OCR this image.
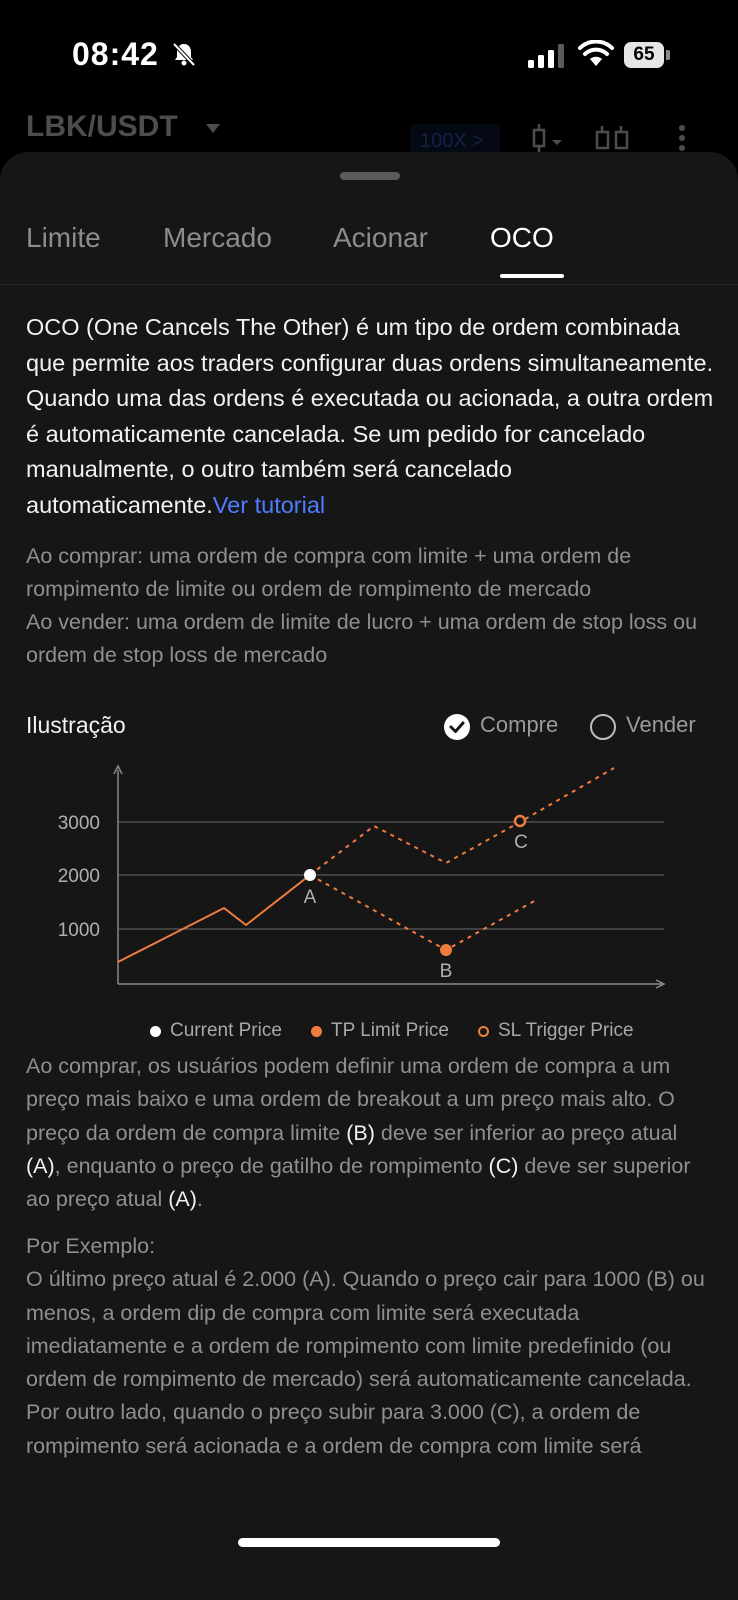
08:42	65
LBK/USDT	100X >
Limite Mercado Acionar OCO
OCO (One Cancels The Other) é um tipo de ordem combinada que permite aos traders configurar duas ordens simultaneamente. Quando uma das ordens é executada ou acionada, a outra ordem é automaticamente cancelada. Se um pedido for cancelado manualmente, o outro também será cancelado automaticamente.Ver tutorial
Ao comprar: uma ordem de compra com limite + uma ordem de rompimento de limite ou ordem de rompimento de mercado
Ao vender: uma ordem de limite de lucro + uma ordem de stop loss ou ordem de stop loss de mercado
Ilustração	Compre	Vender
3000
2000
1000
A
B
C
Current Price	TP Limit Price	SL Trigger Price
Ao comprar, os usuários podem definir uma ordem de compra a um preço mais baixo e uma ordem de breakout a um preço mais alto. O preço da ordem de compra limite (B) deve ser inferior ao preço atual (A), enquanto o preço de gatilho de rompimento (C) deve ser superior ao preço atual (A).
Por Exemplo:
O último preço atual é 2.000 (A). Quando o preço cair para 1000 (B) ou menos, a ordem dip de compra com limite será executada imediatamente e a ordem de rompimento com limite predefinido (ou ordem de rompimento de mercado) será automaticamente cancelada.
Por outro lado, quando o preço subir para 3.000 (C), a ordem de rompimento será acionada e a ordem de compra com limite será
